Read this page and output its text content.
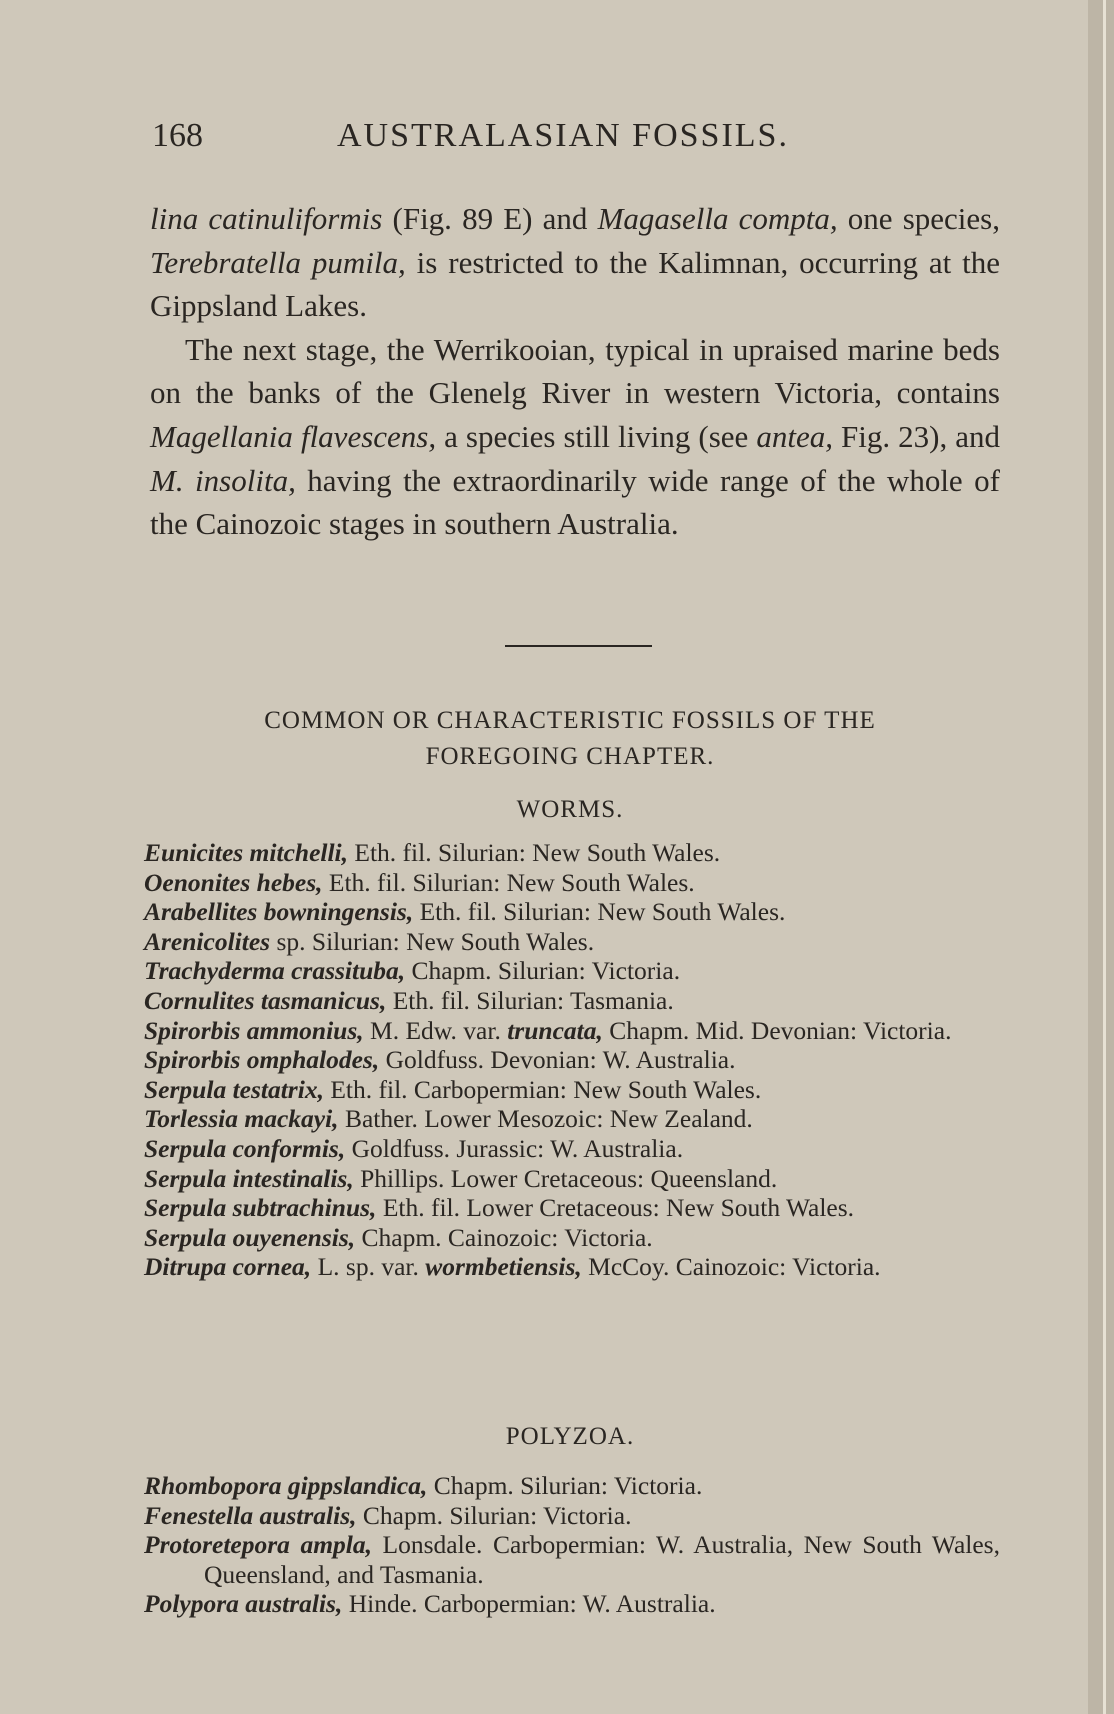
168	AUSTRALASIAN FOSSILS.

lina catinuliformis (Fig. 89 E) and Magasella compta, one species, Terebratella pumila, is restricted to the Kalimnan, occurring at the Gippsland Lakes.

The next stage, the Werrikooian, typical in upraised marine beds on the banks of the Glenelg River in western Victoria, contains Magellania flavescens, a species still living (see antea, Fig. 23), and M. insolita, having the extraordinarily wide range of the whole of the Cainozoic stages in southern Australia.

COMMON OR CHARACTERISTIC FOSSILS OF THE
FOREGOING CHAPTER.
WORMS.

Eunicites mitchelli, Eth. fil. Silurian: New South Wales.

Oenonites hebes, Eth. fil. Silurian: New South Wales.

Arabellites bowningensis, Eth. fil. Silurian: New South Wales.

Arenicolites sp. Silurian: New South Wales.

Trachyderma crassituba, Chapm. Silurian: Victoria.

Cornulites tasmanicus, Eth. fil. Silurian: Tasmania.

Spirorbis ammonius, M. Edw. var. truncata, Chapm. Mid. Devonian: Victoria.

Spirorbis omphalodes, Goldfuss. Devonian: W. Australia.

Serpula testatrix, Eth. fil. Carbopermian: New South Wales.

Torlessia mackayi, Bather. Lower Mesozoic: New Zealand.

Serpula conformis, Goldfuss. Jurassic: W. Australia.

Serpula intestinalis, Phillips. Lower Cretaceous: Queensland.

Serpula subtrachinus, Eth. fil. Lower Cretaceous: New South Wales.

Serpula ouyenensis, Chapm. Cainozoic: Victoria.

Ditrupa cornea, L. sp. var. wormbetiensis, McCoy. Cainozoic: Victoria.

POLYZOA.

Rhombopora gippslandica, Chapm. Silurian: Victoria.

Fenestella australis, Chapm. Silurian: Victoria.

Protoretepora ampla, Lonsdale. Carbopermian: W. Australia, New South Wales, Queensland, and Tasmania.

Polypora australis, Hinde. Carbopermian: W. Australia.
